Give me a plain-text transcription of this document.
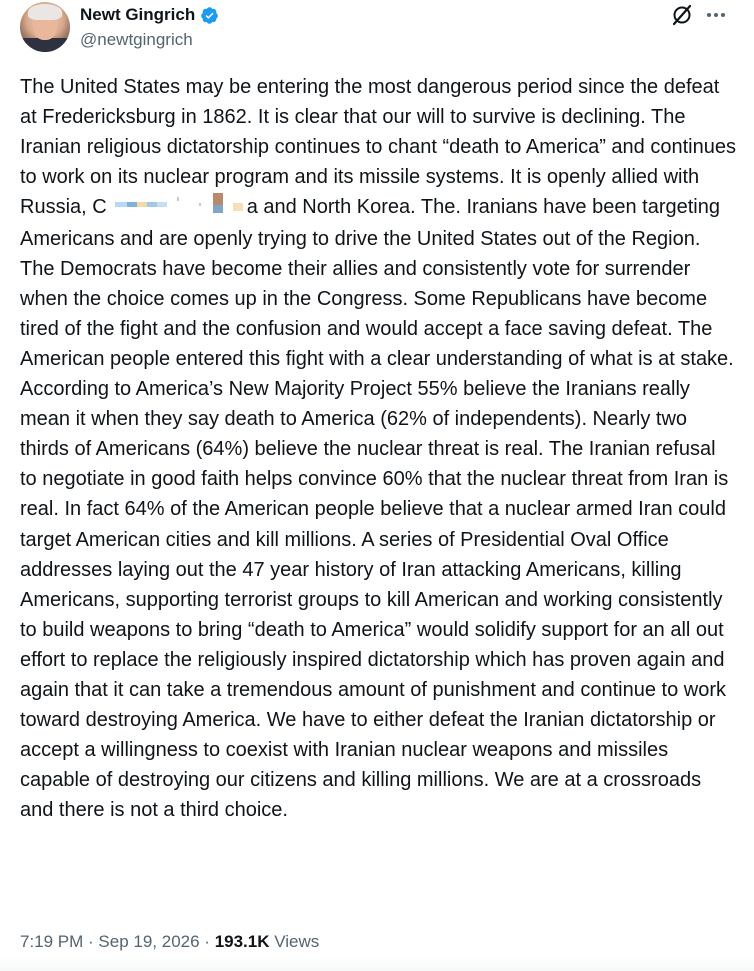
Newt Gingrich
@newtgingrich

The United States may be entering the most dangerous period since the defeat at Fredericksburg in 1862. It is clear that our will to survive is declining. The Iranian religious dictatorship continues to chant “death to America” and continues to work on its nuclear program and its missile systems. It is openly allied with Russia, C	a and North Korea. The. Iranians have been targeting Americans and are openly trying to drive the United States out of the Region. The Democrats have become their allies and consistently vote for surrender when the choice comes up in the Congress. Some Republicans have become tired of the fight and the confusion and would accept a face saving defeat. The American people entered this fight with a clear understanding of what is at stake. According to America’s New Majority Project 55% believe the Iranians really mean it when they say death to America (62% of independents). Nearly two thirds of Americans (64%) believe the nuclear threat is real. The Iranian refusal to negotiate in good faith helps convince 60% that the nuclear threat from Iran is real. In fact 64% of the American people believe that a nuclear armed Iran could target American cities and kill millions. A series of Presidential Oval Office addresses laying out the 47 year history of Iran attacking Americans, killing Americans, supporting terrorist groups to kill American and working consistently to build weapons to bring “death to America” would solidify support for an all out effort to replace the religiously inspired dictatorship which has proven again and again that it can take a tremendous amount of punishment and continue to work toward destroying America. We have to either defeat the Iranian dictatorship or accept a willingness to coexist with Iranian nuclear weapons and missiles capable of destroying our citizens and killing millions. We are at a crossroads and there is not a third choice.

7:19 PM · Sep 19, 2026 · 193.1K Views
